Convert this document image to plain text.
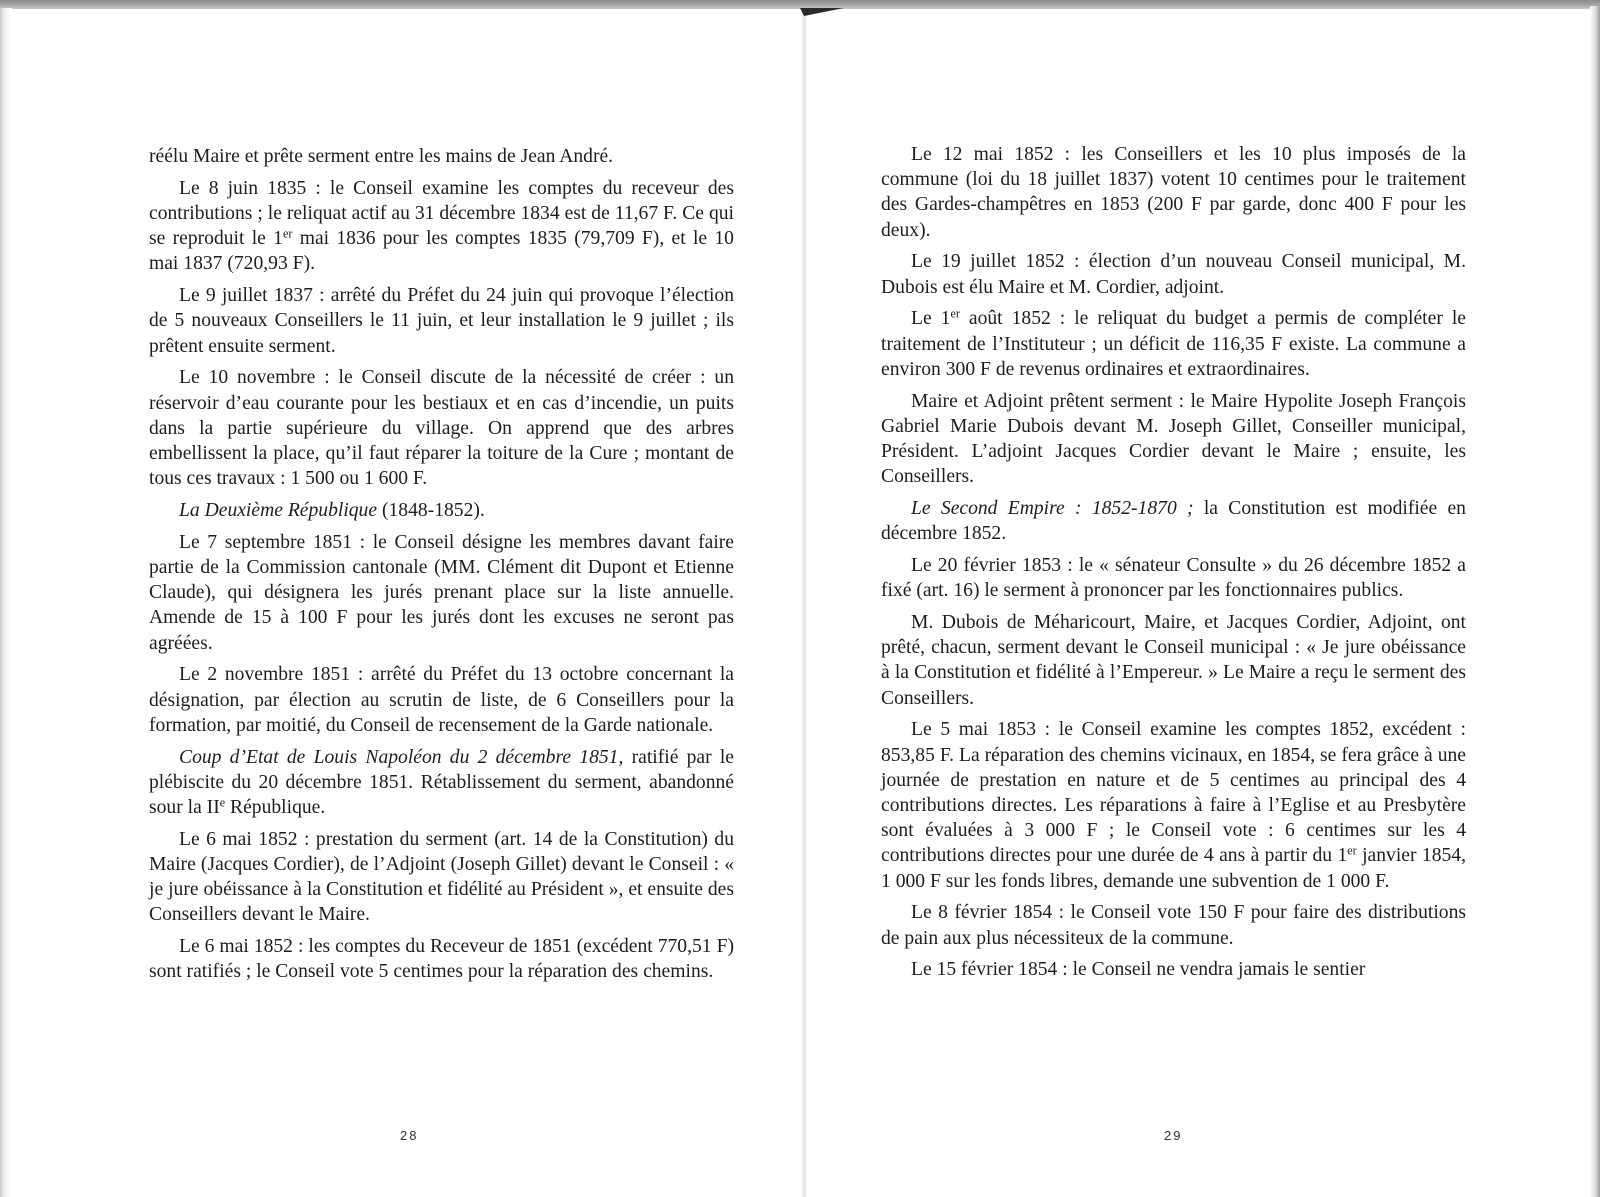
réélu Maire et prête serment entre les mains de Jean André.

Le 8 juin 1835 : le Conseil examine les comptes du receveur des contributions ; le reliquat actif au 31 décembre 1834 est de 11,67 F. Ce qui se reproduit le 1er mai 1836 pour les comptes 1835 (79,709 F), et le 10 mai 1837 (720,93 F).

Le 9 juillet 1837 : arrêté du Préfet du 24 juin qui provoque l’élection de 5 nouveaux Conseillers le 11 juin, et leur installation le 9 juillet ; ils prêtent ensuite serment.

Le 10 novembre : le Conseil discute de la nécessité de créer : un réservoir d’eau courante pour les bestiaux et en cas d’incendie, un puits dans la partie supérieure du village. On apprend que des arbres embellissent la place, qu’il faut réparer la toiture de la Cure ; montant de tous ces travaux : 1 500 ou 1 600 F.

La Deuxième République (1848-1852).

Le 7 septembre 1851 : le Conseil désigne les membres davant faire partie de la Commission cantonale (MM. Clément dit Dupont et Etienne Claude), qui désignera les jurés prenant place sur la liste annuelle. Amende de 15 à 100 F pour les jurés dont les excuses ne seront pas agréées.

Le 2 novembre 1851 : arrêté du Préfet du 13 octobre concernant la désignation, par élection au scrutin de liste, de 6 Conseillers pour la formation, par moitié, du Conseil de recensement de la Garde nationale.

Coup d’Etat de Louis Napoléon du 2 décembre 1851, ratifié par le plébiscite du 20 décembre 1851. Rétablissement du serment, abandonné sour la IIe République.

Le 6 mai 1852 : prestation du serment (art. 14 de la Constitution) du Maire (Jacques Cordier), de l’Adjoint (Joseph Gillet) devant le Conseil : « je jure obéissance à la Constitution et fidélité au Président », et ensuite des Conseillers devant le Maire.

Le 6 mai 1852 : les comptes du Receveur de 1851 (excédent 770,51 F) sont ratifiés ; le Conseil vote 5 centimes pour la réparation des chemins.

28

Le 12 mai 1852 : les Conseillers et les 10 plus imposés de la commune (loi du 18 juillet 1837) votent 10 centimes pour le traitement des Gardes-champêtres en 1853 (200 F par garde, donc 400 F pour les deux).

Le 19 juillet 1852 : élection d’un nouveau Conseil municipal, M. Dubois est élu Maire et M. Cordier, adjoint.

Le 1er août 1852 : le reliquat du budget a permis de compléter le traitement de l’Instituteur ; un déficit de 116,35 F existe. La commune a environ 300 F de revenus ordinaires et extraordinaires.

Maire et Adjoint prêtent serment : le Maire Hypolite Joseph François Gabriel Marie Dubois devant M. Joseph Gillet, Conseiller municipal, Président. L’adjoint Jacques Cordier devant le Maire ; ensuite, les Conseillers.

Le Second Empire : 1852-1870 ; la Constitution est modifiée en décembre 1852.

Le 20 février 1853 : le « sénateur Consulte » du 26 décembre 1852 a fixé (art. 16) le serment à prononcer par les fonctionnaires publics.

M. Dubois de Méharicourt, Maire, et Jacques Cordier, Adjoint, ont prêté, chacun, serment devant le Conseil municipal : « Je jure obéissance à la Constitution et fidélité à l’Empereur. » Le Maire a reçu le serment des Conseillers.

Le 5 mai 1853 : le Conseil examine les comptes 1852, excédent : 853,85 F. La réparation des chemins vicinaux, en 1854, se fera grâce à une journée de prestation en nature et de 5 centimes au principal des 4 contributions directes. Les réparations à faire à l’Eglise et au Presbytère sont évaluées à 3 000 F ; le Conseil vote : 6 centimes sur les 4 contributions directes pour une durée de 4 ans à partir du 1er janvier 1854, 1 000 F sur les fonds libres, demande une subvention de 1 000 F.

Le 8 février 1854 : le Conseil vote 150 F pour faire des distributions de pain aux plus nécessiteux de la commune.

Le 15 février 1854 : le Conseil ne vendra jamais le sentier

29
